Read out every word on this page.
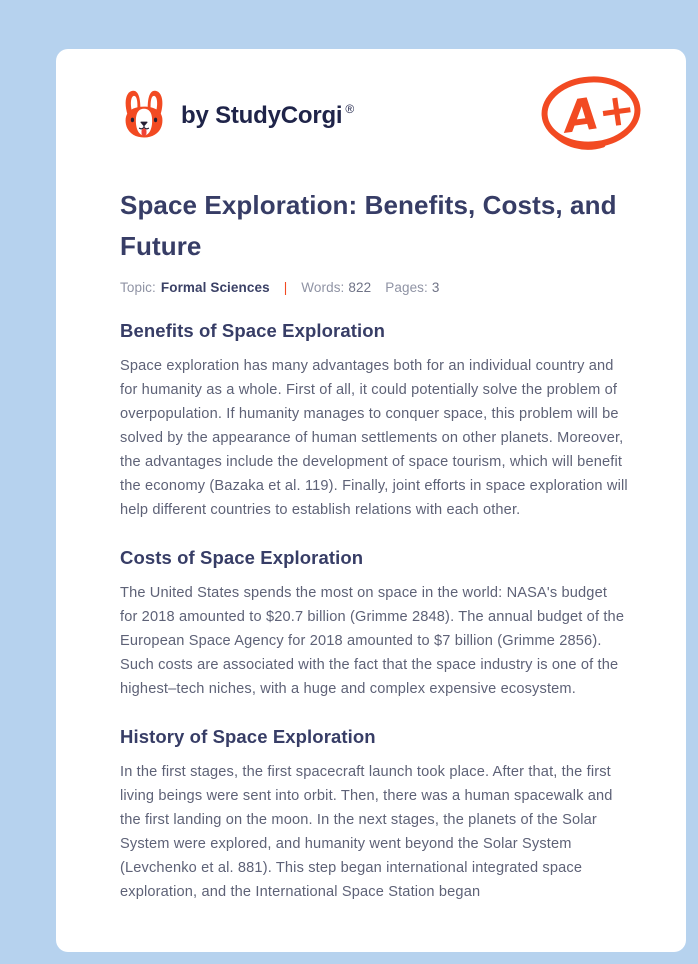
by StudyCorgi ®	A+
Space Exploration: Benefits, Costs, and Future
Topic: Formal Sciences | Words: 822 Pages: 3
Benefits of Space Exploration

Space exploration has many advantages both for an individual country and for humanity as a whole. First of all, it could potentially solve the problem of overpopulation. If humanity manages to conquer space, this problem will be solved by the appearance of human settlements on other planets. Moreover, the advantages include the development of space tourism, which will benefit the economy (Bazaka et al. 119). Finally, joint efforts in space exploration will help different countries to establish relations with each other.

Costs of Space Exploration

The United States spends the most on space in the world: NASA's budget for 2018 amounted to $20.7 billion (Grimme 2848). The annual budget of the European Space Agency for 2018 amounted to $7 billion (Grimme 2856). Such costs are associated with the fact that the space industry is one of the highest–tech niches, with a huge and complex expensive ecosystem.

History of Space Exploration

In the first stages, the first spacecraft launch took place. After that, the first living beings were sent into orbit. Then, there was a human spacewalk and the first landing on the moon. In the next stages, the planets of the Solar System were explored, and humanity went beyond the Solar System (Levchenko et al. 881). This step began international integrated space exploration, and the International Space Station began
